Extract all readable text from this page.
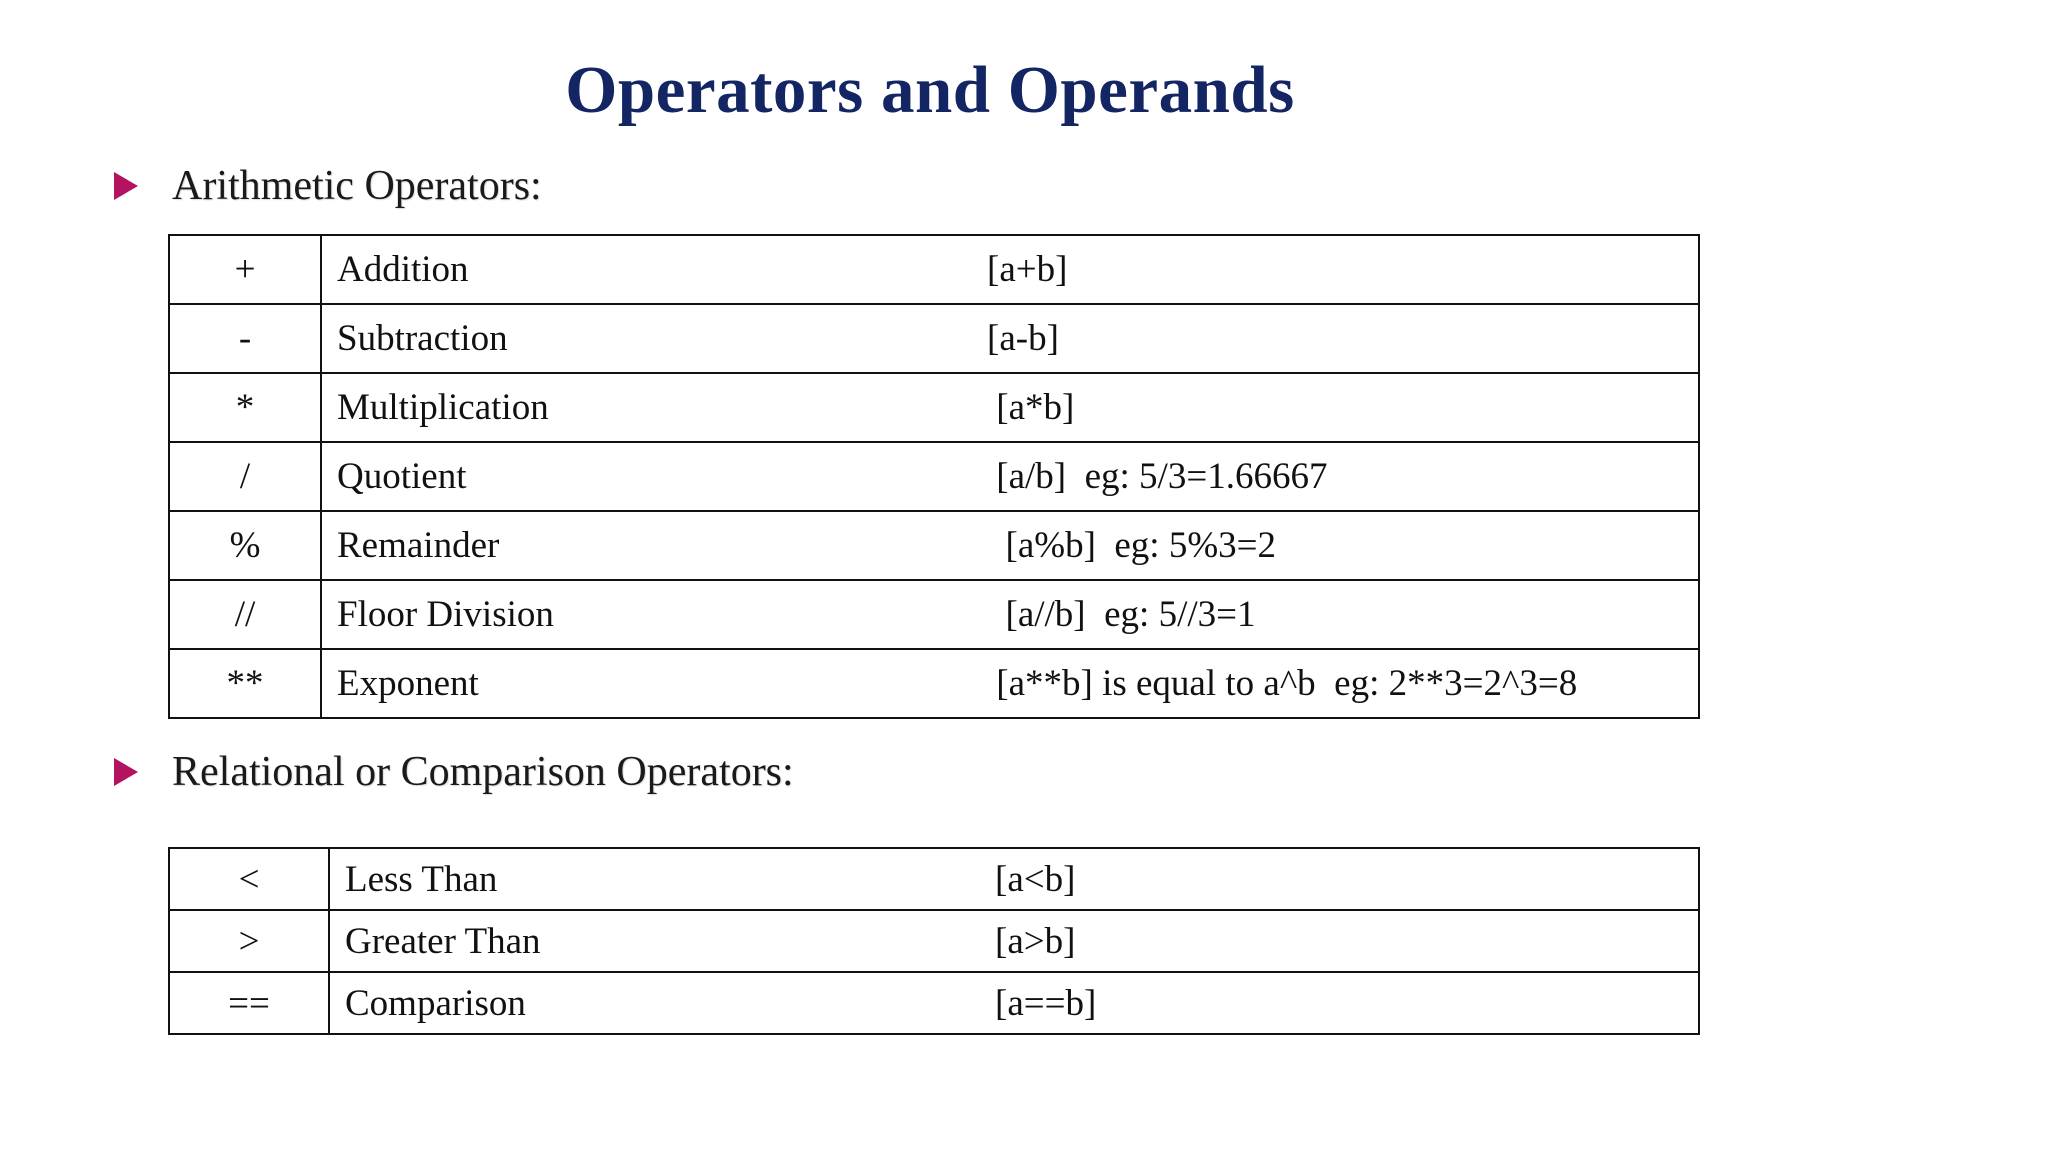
Operators and Operands
Arithmetic Operators:
+	Addition [a+b]
-	Subtraction [a-b]
*	Multiplication [a*b]
/	Quotient [a/b]  eg: 5/3=1.66667
%	Remainder [a%b]  eg: 5%3=2
//	Floor Division [a//b]  eg: 5//3=1
**	Exponent [a**b] is equal to a^b  eg: 2**3=2^3=8
Relational or Comparison Operators:
<	Less Than [a<b]
>	Greater Than [a>b]
==	Comparison [a==b]
